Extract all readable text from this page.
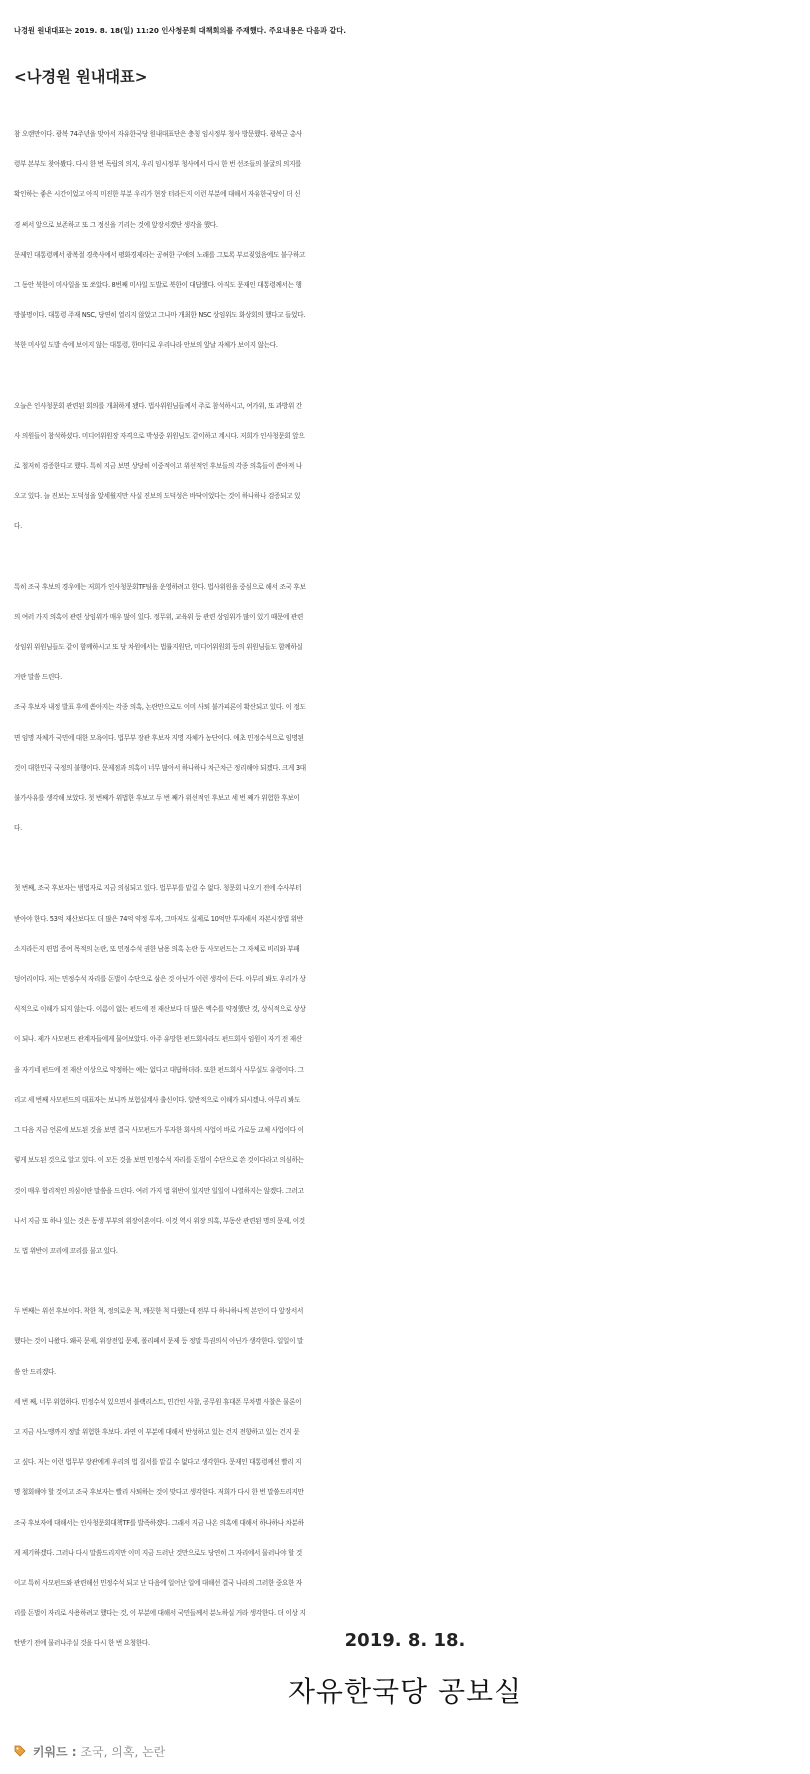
나경원 원내대표는 2019. 8. 18(일) 11:20 인사청문회 대책회의를 주재했다. 주요내용은 다음과 같다.
<나경원 원내대표>
참 오랜만이다. 광복 74주년을 맞아서 자유한국당 원내대표단은 충칭 임시정부 청사 방문했다. 광복군 총사
령부 본부도 찾아봤다. 다시 한 번 독립의 의지, 우리 임시정부 청사에서 다시 한 번 선조들의 불굴의 의지를
확인하는 좋은 시간이었고 아직 미진한 부분 우리가 현장 터라든지 이런 부분에 대해서 자유한국당이 더 신
경 써서 앞으로 보존하고 또 그 정신을 기리는 것에 앞장서겠단 생각을 했다.
문제인 대통령께서 광복절 경축사에서 평화경제라는 공허한 구애의 노래를 그토록 부르짖었음에도 불구하고
그 동안 북한이 미사일을 또 쏘았다. 8번째 미사일 도발로 북한이 대답했다. 아직도 문재인 대통령께서는 행
방불명이다. 대통령 주재 NSC, 당연히 열리지 않았고 그나마 개최한 NSC 상임위도 화상회의 했다고 들었다.
북한 미사일 도발 속에 보이지 않는 대통령, 한마디로 우리나라 안보의 앞날 자체가 보이지 않는다.
오늘은 인사청문회 관련된 회의를 개최하게 됐다. 법사위원님들께서 주로 참석하시고, 여가위, 또 과방위 간
사 의원들이 참석하셨다. 미디어위원장 자격으로 박성중 위원님도 같이하고 계시다. 저희가 인사청문회 앞으
로 철저히 검증한다고 했다. 특히 지금 보면 상당히 이중적이고 위선적인 후보들의 각종 의혹들이 쏟아져 나
오고 있다. 늘 진보는 도덕성을 앞세웠지만 사실 진보의 도덕성은 바닥이었다는 것이 하나하나 검증되고 있
다.
특히 조국 후보의 경우에는 저희가 인사청문회TF팀을 운영하려고 한다. 법사위원을 중심으로 해서 조국 후보
의 여러 가지 의혹이 관련 상임위가 매우 많이 있다. 정무위, 교육위 등 관련 상임위가 많이 있기 때문에 관련
상임위 위원님들도 같이 함께하시고 또 당 차원에서는 법률지원단, 미디어위원회 등의 위원님들도 함께하실
거란 말씀 드린다.
조국 후보자 내정 발표 후에 쏟아지는 각종 의혹, 논란만으로도 이미 사퇴 불가피론이 확산되고 있다. 이 정도
면 임명 자체가 국민에 대한 모욕이다. 법무부 장관 후보자 지명 자체가 농단이다. 애초 민정수석으로 임명된
것이 대한민국 국정의 불행이다. 문제점과 의혹이 너무 많아서 하나하나 차근차근 정리해야 되겠다. 크게 3대
불가사유를 생각해 보았다. 첫 번째가 위법한 후보고 두 번 째가 위선적인 후보고 세 번 째가 위험한 후보이
다.
첫 번째, 조국 후보자는 범법자로 지금 의심되고 있다. 법무부를 맡길 수 없다. 청문회 나오기 전에 수사부터
받아야 한다. 53억 재산보다도 더 많은 74억 약정 투자, 그마저도 실제로 10억만 투자해서 자본시장법 위반
소지라든지 편법 증여 목적의 논란, 또 민정수석 권한 남용 의혹 논란 등 사모펀드는 그 자체로 비리와 부패
덩어리이다. 저는 민정수석 자리를 돈벌이 수단으로 삼은 것 아닌가 이런 생각이 든다. 아무리 봐도 우리가 상
식적으로 이해가 되지 않는다. 이름이 없는 펀드에 전 재산보다 더 많은 액수를 약정했단 것, 상식적으로 상상
이 되나. 제가 사모펀드 관계자들에게 물어보았다. 아주 유망한 펀드회사라도 펀드회사 임원이 자기 전 재산
을 자기네 펀드에 전 재산 이상으로 약정하는 예는 없다고 대답하더라. 또한 펀드회사 사무실도 유령이다. 그
리고 세 번째 사모펀드의 대표자는 보니까 보험설계사 출신이다. 일반적으로 이해가 되시겠나. 아무리 봐도
그 다음 지금 언론에 보도된 것을 보면 결국 사모펀드가 투자한 회사의 사업이 바로 가로등 교체 사업이다 이
렇게 보도된 것으로 알고 있다. 이 모든 것을 보면 민정수석 자리를 돈벌이 수단으로 쓴 것이다라고 의심하는
것이 매우 합리적인 의심이란 말씀을 드린다. 여러 가지 법 위반이 있지만 일일이 나열하지는 않겠다. 그러고
나서 지금 또 하나 있는 것은 동생 부부의 위장이혼이다. 이것 역시 위장 의혹, 부동산 관련된 명의 문제, 이것
도 법 위반이 꼬리에 꼬리를 물고 있다.
두 번째는 위선 후보이다. 착한 척, 정의로운 척, 깨끗한 척 다했는데 전부 다 하나하나씩 본인이 다 앞장서서
했다는 것이 나왔다. 왜곡 문제, 위장전입 문제, 폴리페서 문제 등 정말 특권의식 아닌가 생각한다. 일일이 말
씀 안 드리겠다.
세 번 째, 너무 위험하다. 민정수석 있으면서 블랙리스트, 민간인 사찰, 공무원 휴대폰 무차별 사찰은 물론이
고 지금 사노맹까지 정말 위험한 후보다. 과연 이 부분에 대해서 반성하고 있는 건지 전향하고 있는 건지 묻
고 싶다. 저는 이런 법무부 장관에게 우리의 법 질서를 맡길 수 없다고 생각한다. 문재인 대통령께선 빨리 지
명 철회해야 할 것이고 조국 후보자는 빨리 사퇴하는 것이 맞다고 생각한다. 저희가 다시 한 번 말씀드리지만
조국 후보자에 대해서는 인사청문회대책TF를 발족하겠다. 그래서 지금 나온 의혹에 대해서 하나하나 차분하
게 제기하겠다. 그러나 다시 말씀드리지만 이미 지금 드러난 것만으로도 당연히 그 자리에서 물러나야 할 것
이고 특히 사모펀드와 관련해선 민정수석 되고 난 다음에 일어난 일에 대해선 결국 나라의 그러한 중요한 자
리를 돈벌이 자리로 사용하려고 했다는 것, 이 부분에 대해서 국민들께서 분노하실 거라 생각한다. 더 이상 지
탄받기 전에 물러나주실 것을 다시 한 번 요청한다.	2019. 8. 18.
자유한국당 공보실
키워드 : 조국, 의혹, 논란
